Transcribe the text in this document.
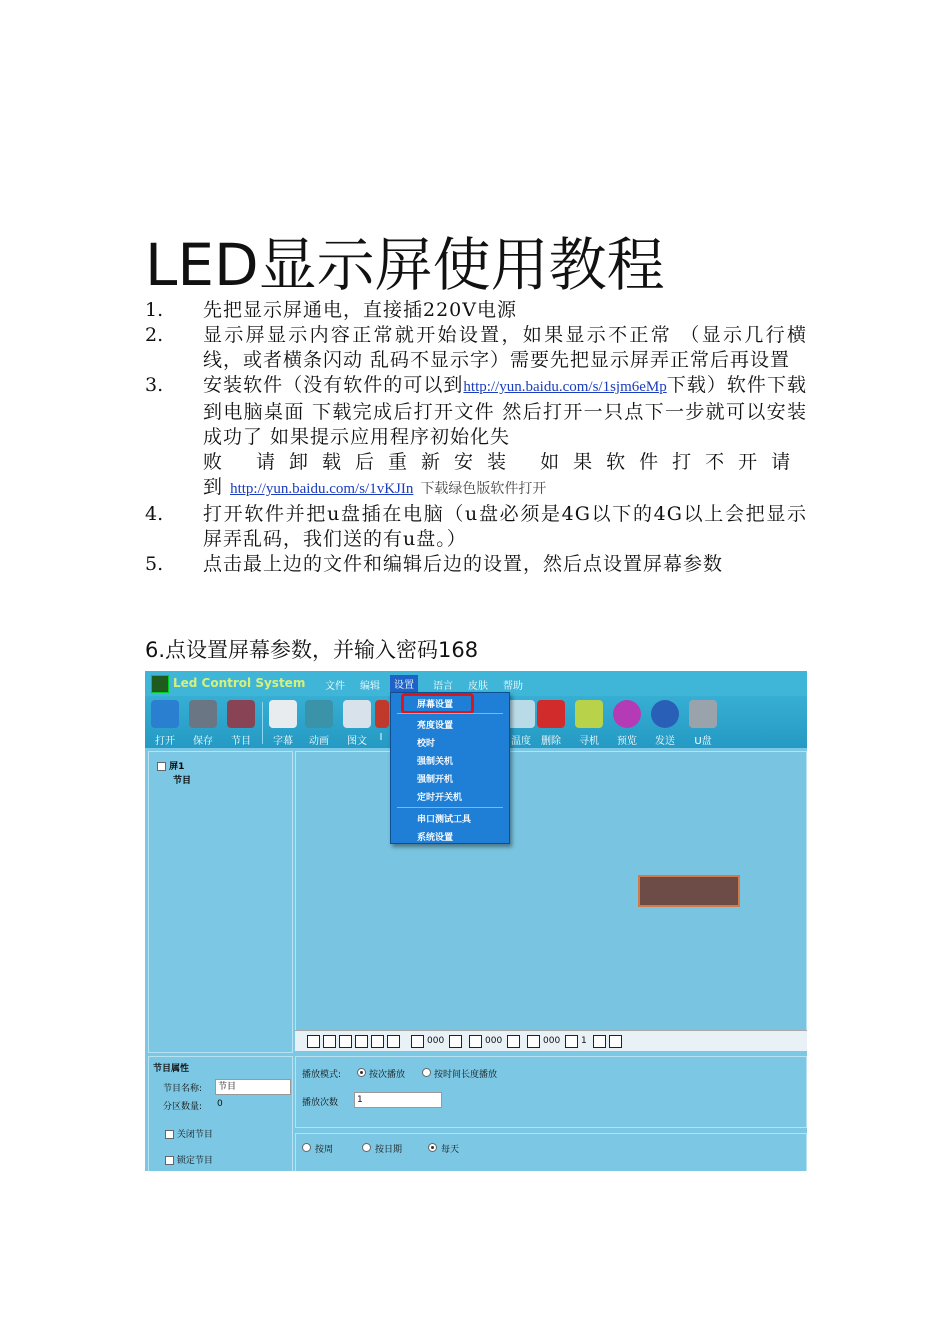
LED显示屏使用教程
1.	先把显示屏通电，直接插220V电源
2.	显示屏显示内容正常就开始设置，如果显示不正常 （显示几行横线，或者横条闪动 乱码不显示字）需要先把显示屏弄正常后再设置
3.	安装软件（没有软件的可以到http://yun.baidu.com/s/1sjm6eMp下载）软件下载到电脑桌面 下载完成后打开文件 然后打开一只点下一步就可以安装成功了 如果提示应用程序初始化失
败 请卸载后重新安装 如果软件打不开请
到 http://yun.baidu.com/s/1vKJIn 下载绿色版软件打开
4.	打开软件并把u盘插在电脑（u盘必须是4G以下的4G以上会把显示屏弄乱码，我们送的有u盘。）
5.	点击最上边的文件和编辑后边的设置，然后点设置屏幕参数
6.点设置屏幕参数，并输入密码168
Led Control System 文件 编辑	设置	语言 皮肤 帮助
打开	保存	节目	字幕	动画	图文	I	温度	删除	寻机	预览	发送	U盘
屏1
节目
000	000	000 1
节目属性
节目名称:	节目
分区数量: 0
关闭节目
锁定节目
播放模式:	按次播放	按时间长度播放
播放次数	1
按周	按日期	每天
屏幕设置
亮度设置
校时
强制关机
强制开机
定时开关机
串口测试工具
系统设置
